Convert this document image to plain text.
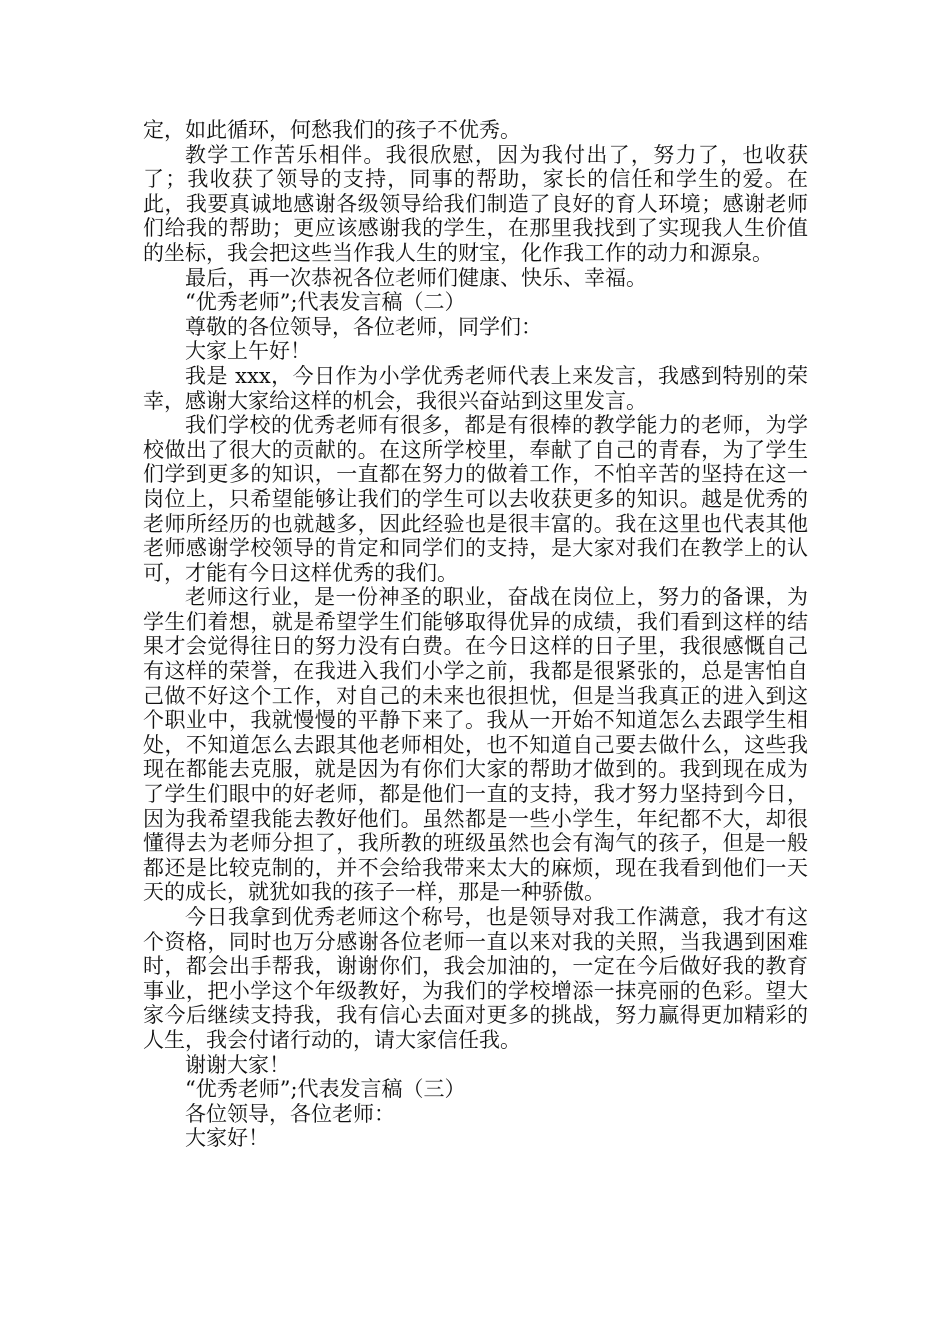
定，如此循环，何愁我们的孩子不优秀。

教学工作苦乐相伴。我很欣慰，因为我付出了，努力了，也收获了；我收获了领导的支持，同事的帮助，家长的信任和学生的爱。在此，我要真诚地感谢各级领导给我们制造了良好的育人环境；感谢老师们给我的帮助；更应该感谢我的学生，在那里我找到了实现我人生价值的坐标，我会把这些当作我人生的财宝，化作我工作的动力和源泉。

最后，再一次恭祝各位老师们健康、快乐、幸福。

“优秀老师”;代表发言稿（二）

尊敬的各位领导，各位老师，同学们：

大家上午好！

我是 xxx，今日作为小学优秀老师代表上来发言，我感到特别的荣幸，感谢大家给这样的机会，我很兴奋站到这里发言。

我们学校的优秀老师有很多，都是有很棒的教学能力的老师，为学校做出了很大的贡献的。在这所学校里，奉献了自己的青春，为了学生们学到更多的知识，一直都在努力的做着工作，不怕辛苦的坚持在这一岗位上，只希望能够让我们的学生可以去收获更多的知识。越是优秀的老师所经历的也就越多，因此经验也是很丰富的。我在这里也代表其他老师感谢学校领导的肯定和同学们的支持，是大家对我们在教学上的认可，才能有今日这样优秀的我们。

老师这行业，是一份神圣的职业，奋战在岗位上，努力的备课，为学生们着想，就是希望学生们能够取得优异的成绩，我们看到这样的结果才会觉得往日的努力没有白费。在今日这样的日子里，我很感慨自己有这样的荣誉，在我进入我们小学之前，我都是很紧张的，总是害怕自己做不好这个工作，对自己的未来也很担忧，但是当我真正的进入到这个职业中，我就慢慢的平静下来了。我从一开始不知道怎么去跟学生相处，不知道怎么去跟其他老师相处，也不知道自己要去做什么，这些我现在都能去克服，就是因为有你们大家的帮助才做到的。我到现在成为了学生们眼中的好老师，都是他们一直的支持，我才努力坚持到今日，因为我希望我能去教好他们。虽然都是一些小学生，年纪都不大，却很懂得去为老师分担了，我所教的班级虽然也会有淘气的孩子，但是一般都还是比较克制的，并不会给我带来太大的麻烦，现在我看到他们一天天的成长，就犹如我的孩子一样，那是一种骄傲。

今日我拿到优秀老师这个称号，也是领导对我工作满意，我才有这个资格，同时也万分感谢各位老师一直以来对我的关照，当我遇到困难时，都会出手帮我，谢谢你们，我会加油的，一定在今后做好我的教育事业，把小学这个年级教好，为我们的学校增添一抹亮丽的色彩。望大家今后继续支持我，我有信心去面对更多的挑战，努力赢得更加精彩的人生，我会付诸行动的，请大家信任我。

谢谢大家！

“优秀老师”;代表发言稿（三）

各位领导，各位老师：

大家好！
